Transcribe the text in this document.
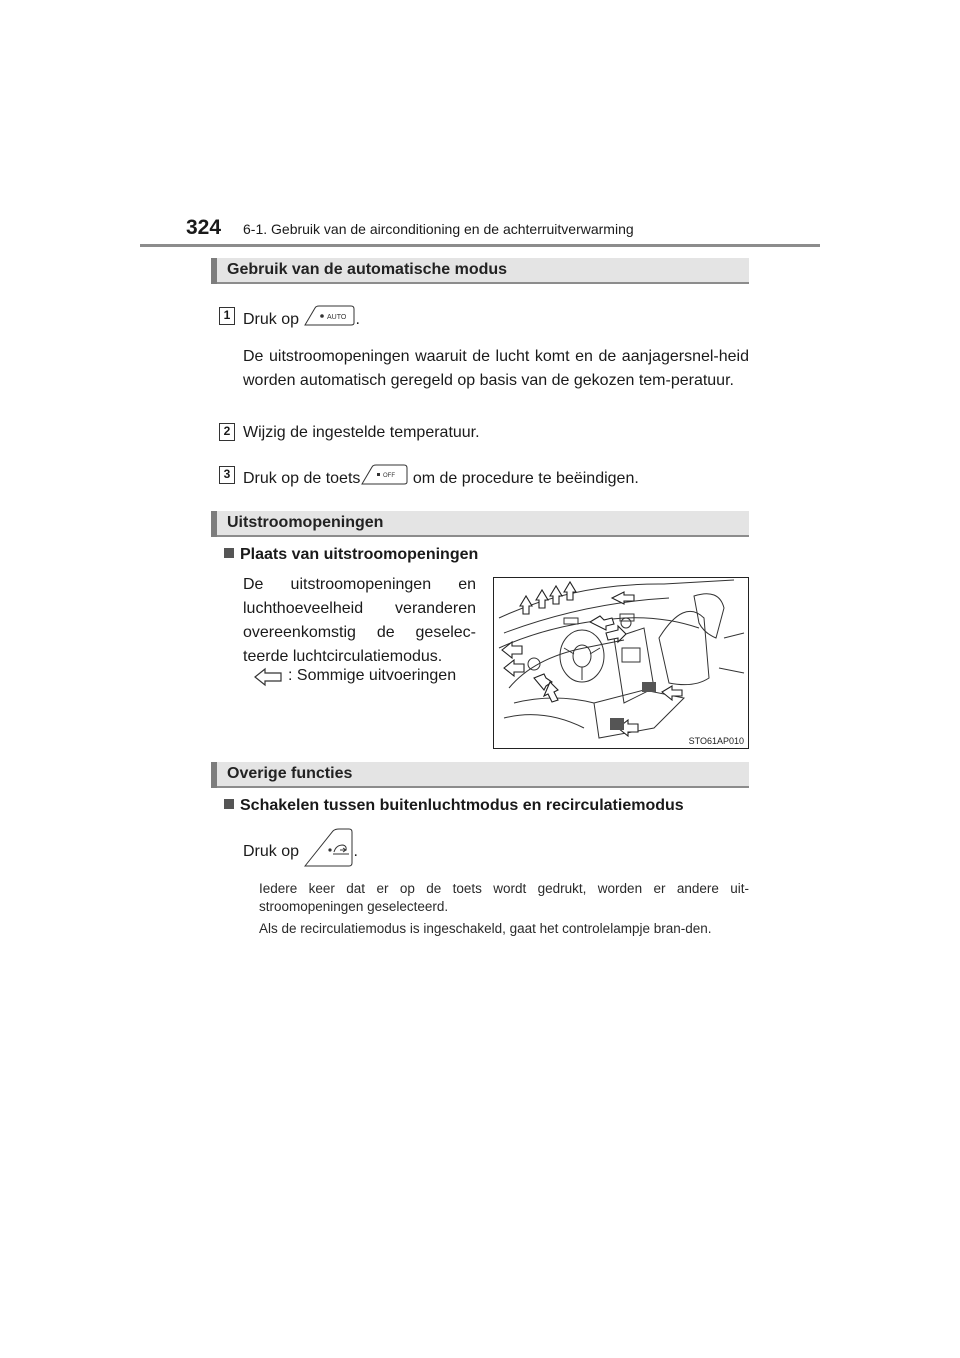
324 6-1. Gebruik van de airconditioning en de achterruitverwarming
Gebruik van de automatische modus
1 Druk op	AUTO .
De uitstroomopeningen waaruit de lucht komt en de aanjagersnel-heid worden automatisch geregeld op basis van de gekozen tem-peratuur.
2 Wijzig de ingestelde temperatuur.
3 Druk op de toets	OFF om de procedure te beëindigen.
Uitstroomopeningen
Plaats van uitstroomopeningen
De uitstroomopeningen en luchthoeveelheid veranderen overeenkomstig de geselec-teerde luchtcirculatiemodus.
: Sommige uitvoeringen
STO61AP010
Overige functies
Schakelen tussen buitenluchtmodus en recirculatiemodus
Druk op	.
Iedere keer dat er op de toets wordt gedrukt, worden er andere uit-stroomopeningen geselecteerd.
Als de recirculatiemodus is ingeschakeld, gaat het controlelampje bran-den.
